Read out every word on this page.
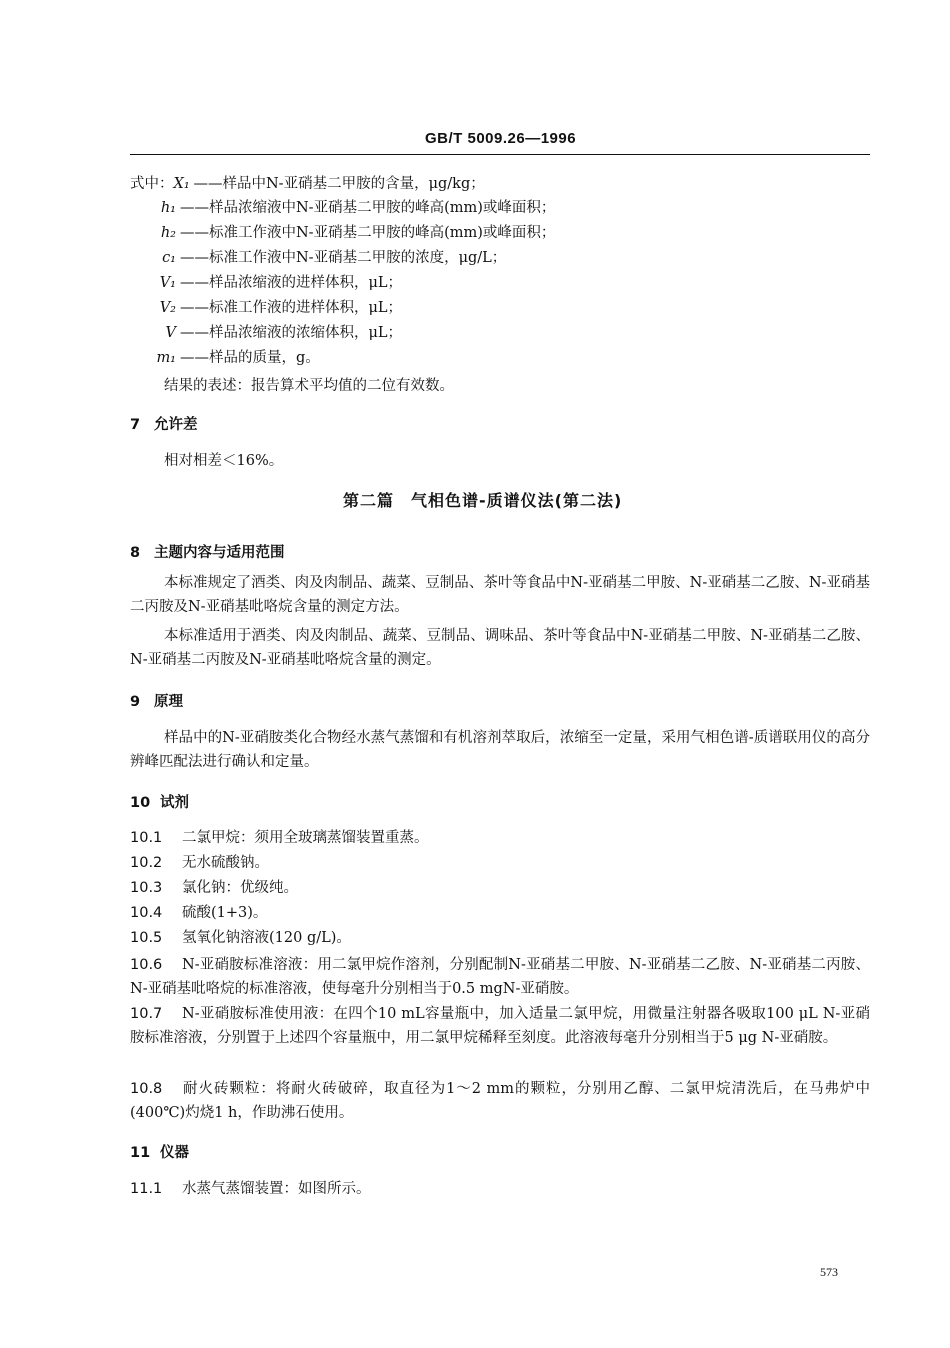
GB/T 5009.26—1996
式中：X₁ ——样品中N-亚硝基二甲胺的含量，μg/kg；
h₁ ——样品浓缩液中N-亚硝基二甲胺的峰高(mm)或峰面积；
h₂ ——标准工作液中N-亚硝基二甲胺的峰高(mm)或峰面积；
c₁ ——标准工作液中N-亚硝基二甲胺的浓度，μg/L；
V₁ ——样品浓缩液的进样体积，μL；
V₂ ——标准工作液的进样体积，μL；
V ——样品浓缩液的浓缩体积，μL；
m₁ ——样品的质量，g。
结果的表述：报告算术平均值的二位有效数。
7 允许差
相对相差＜16%。
第二篇　气相色谱-质谱仪法(第二法)
8 主题内容与适用范围
本标准规定了酒类、肉及肉制品、蔬菜、豆制品、茶叶等食品中N-亚硝基二甲胺、N-亚硝基二乙胺、N-亚硝基二丙胺及N-亚硝基吡咯烷含量的测定方法。
本标准适用于酒类、肉及肉制品、蔬菜、豆制品、调味品、茶叶等食品中N-亚硝基二甲胺、N-亚硝基二乙胺、N-亚硝基二丙胺及N-亚硝基吡咯烷含量的测定。
9 原理
样品中的N-亚硝胺类化合物经水蒸气蒸馏和有机溶剂萃取后，浓缩至一定量，采用气相色谱-质谱联用仪的高分辨峰匹配法进行确认和定量。
10 试剂
10.1 二氯甲烷：须用全玻璃蒸馏装置重蒸。
10.2 无水硫酸钠。
10.3 氯化钠：优级纯。
10.4 硫酸(1+3)。
10.5 氢氧化钠溶液(120 g/L)。
10.6 N-亚硝胺标准溶液：用二氯甲烷作溶剂，分别配制N-亚硝基二甲胺、N-亚硝基二乙胺、N-亚硝基二丙胺、N-亚硝基吡咯烷的标准溶液，使每毫升分别相当于0.5 mgN-亚硝胺。
10.7 N-亚硝胺标准使用液：在四个10 mL容量瓶中，加入适量二氯甲烷，用微量注射器各吸取100 μL N-亚硝胺标准溶液，分别置于上述四个容量瓶中，用二氯甲烷稀释至刻度。此溶液每毫升分别相当于5 μg N-亚硝胺。
10.8 耐火砖颗粒：将耐火砖破碎，取直径为1～2 mm的颗粒，分别用乙醇、二氯甲烷清洗后，在马弗炉中(400℃)灼烧1 h，作助沸石使用。
11 仪器
11.1 水蒸气蒸馏装置：如图所示。
573
